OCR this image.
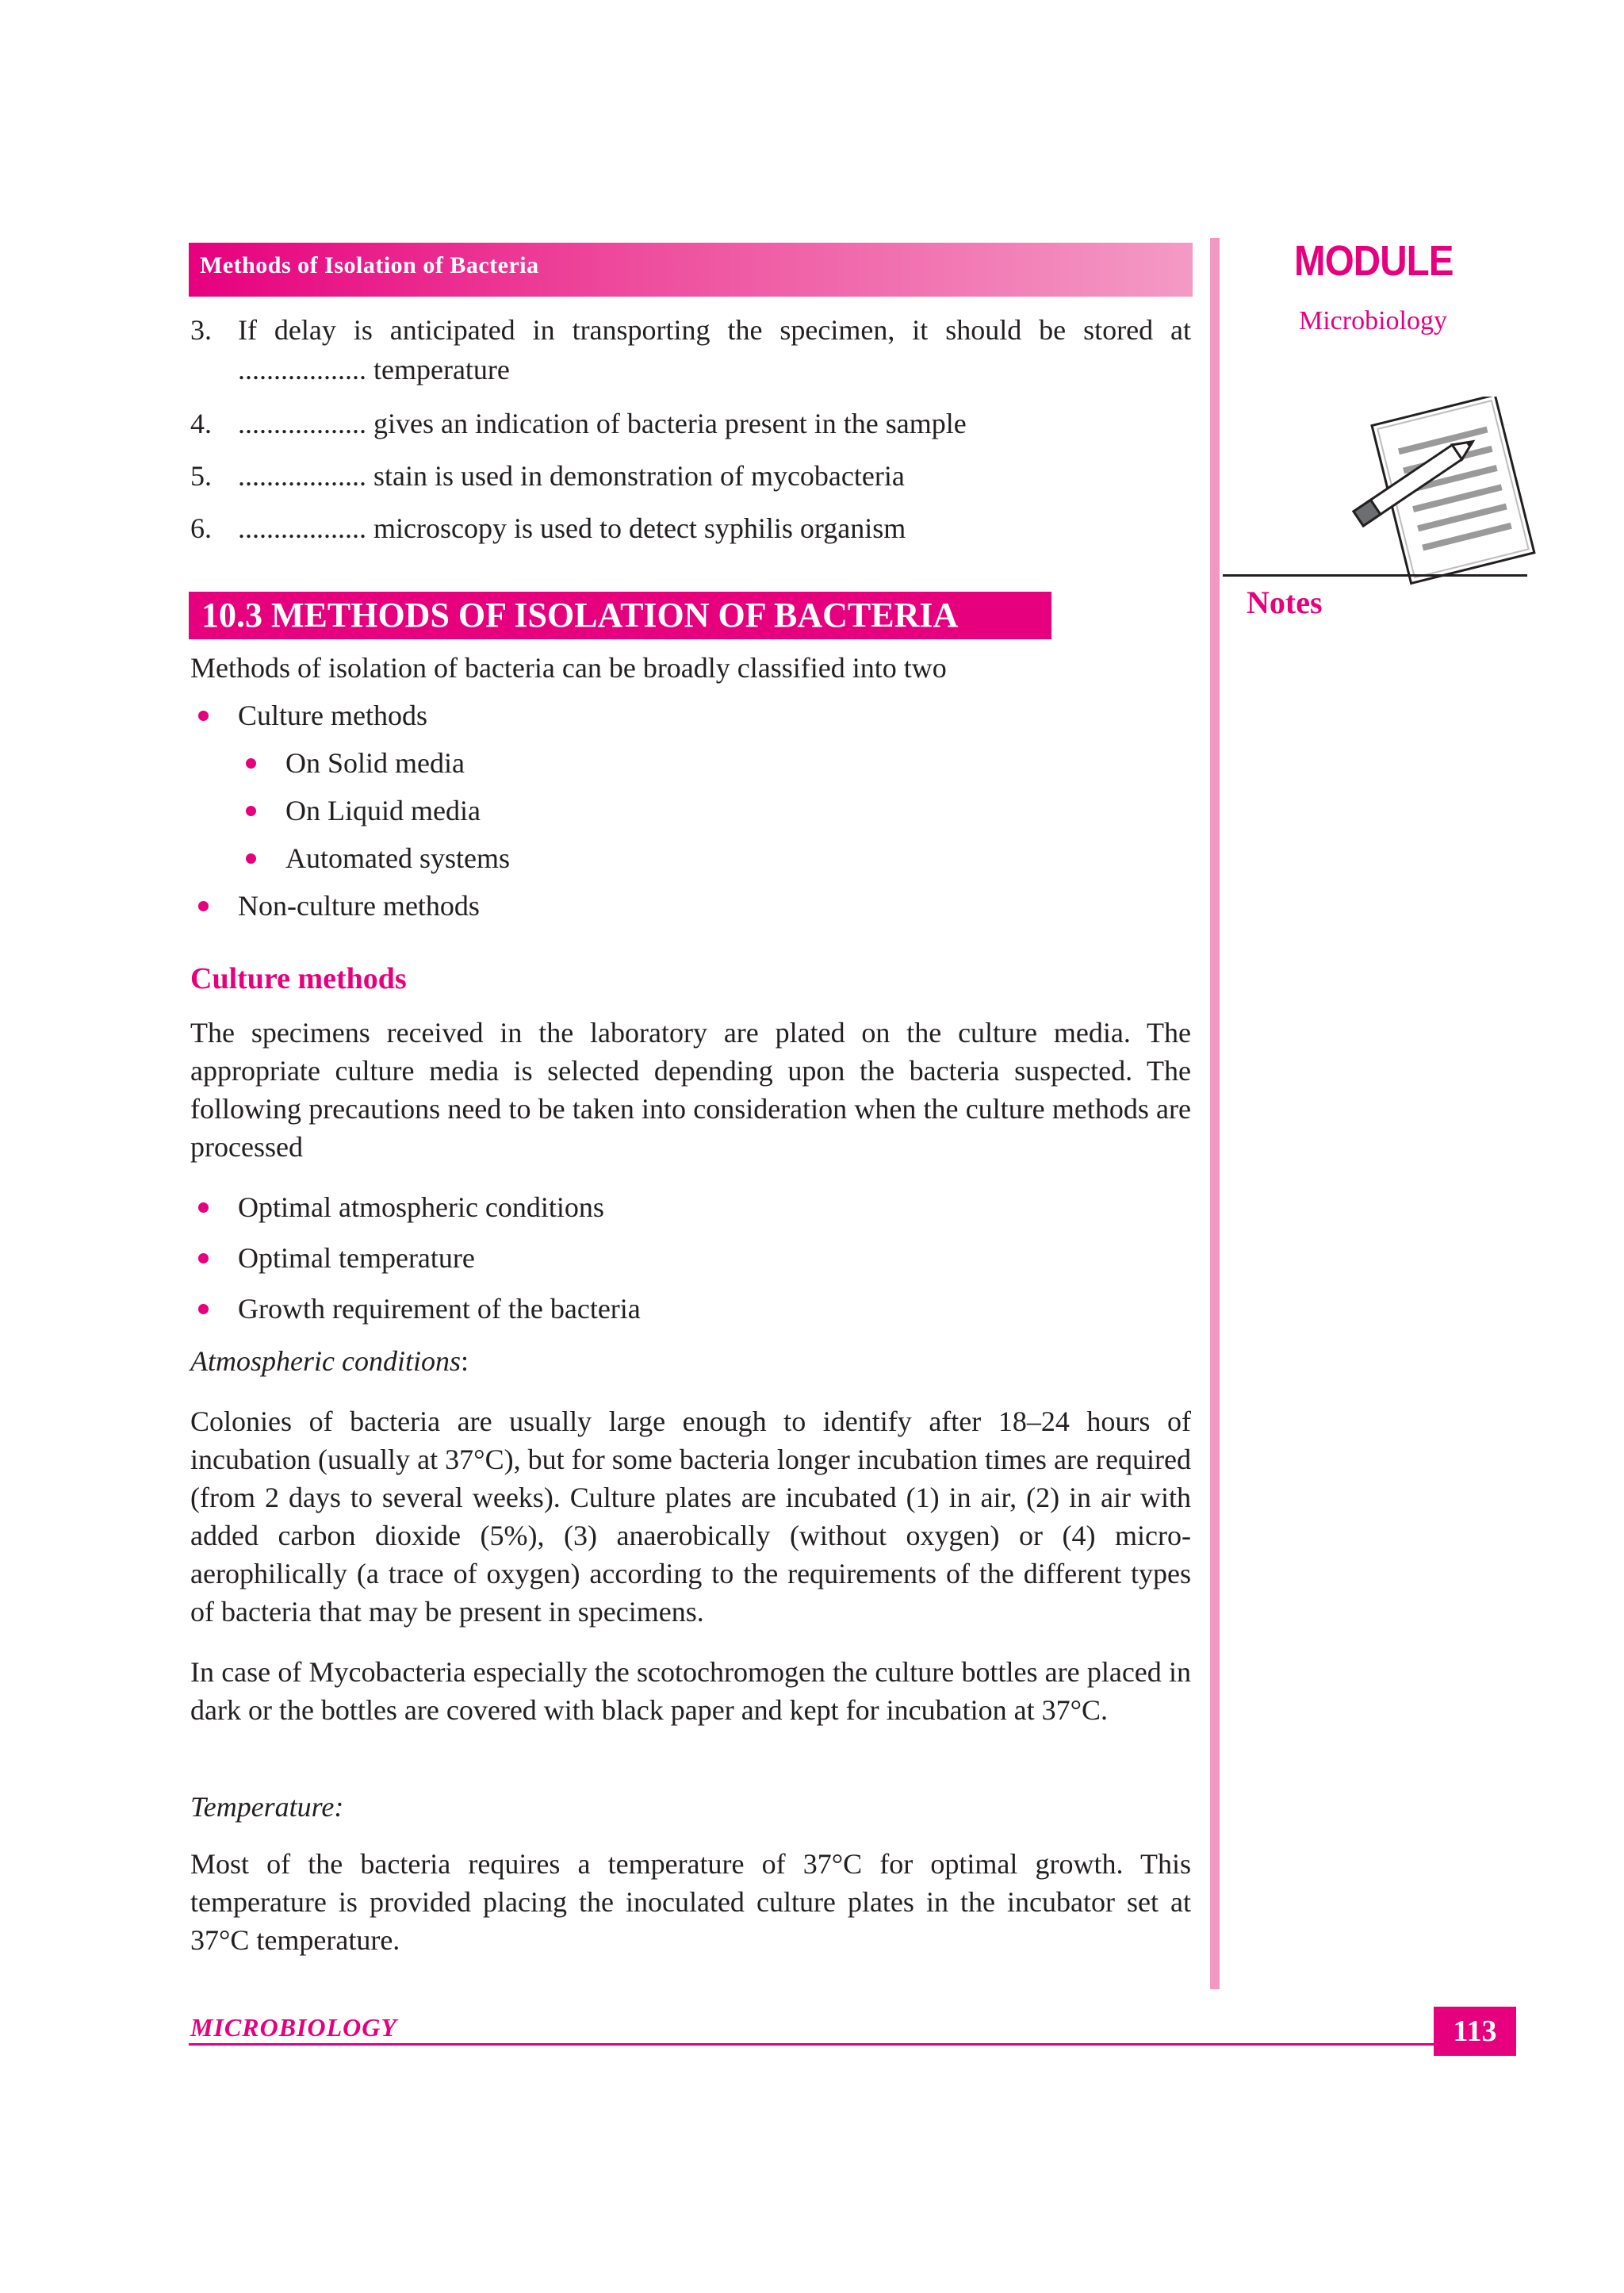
Methods of Isolation of Bacteria	MODULE
Microbiology
Notes
3. If delay is anticipated in transporting the specimen, it should be stored at
.................. temperature
4. .................. gives an indication of bacteria present in the sample
5. .................. stain is used in demonstration of mycobacteria
6. .................. microscopy is used to detect syphilis organism
10.3 METHODS OF ISOLATION OF BACTERIA
Methods of isolation of bacteria can be broadly classified into two
Culture methods
On Solid media
On Liquid media
Automated systems
Non-culture methods
Culture methods
The specimens received in the laboratory are plated on the culture media. The appropriate culture media is selected depending upon the bacteria suspected. The following precautions need to be taken into consideration when the culture methods are processed
Optimal atmospheric conditions
Optimal temperature
Growth requirement of the bacteria
Atmospheric conditions:
Colonies of bacteria are usually large enough to identify after 18–24 hours of incubation (usually at 37°C), but for some bacteria longer incubation times are required (from 2 days to several weeks). Culture plates are incubated (1) in air, (2) in air with added carbon dioxide (5%), (3) anaerobically (without oxygen) or (4) micro-aerophilically (a trace of oxygen) according to the requirements of the different types of bacteria that may be present in specimens.
In case of Mycobacteria especially the scotochromogen the culture bottles are placed in dark or the bottles are covered with black paper and kept for incubation at 37°C.
Temperature:
Most of the bacteria requires a temperature of 37°C for optimal growth. This temperature is provided placing the inoculated culture plates in the incubator set at 37°C temperature.
MICROBIOLOGY	113
